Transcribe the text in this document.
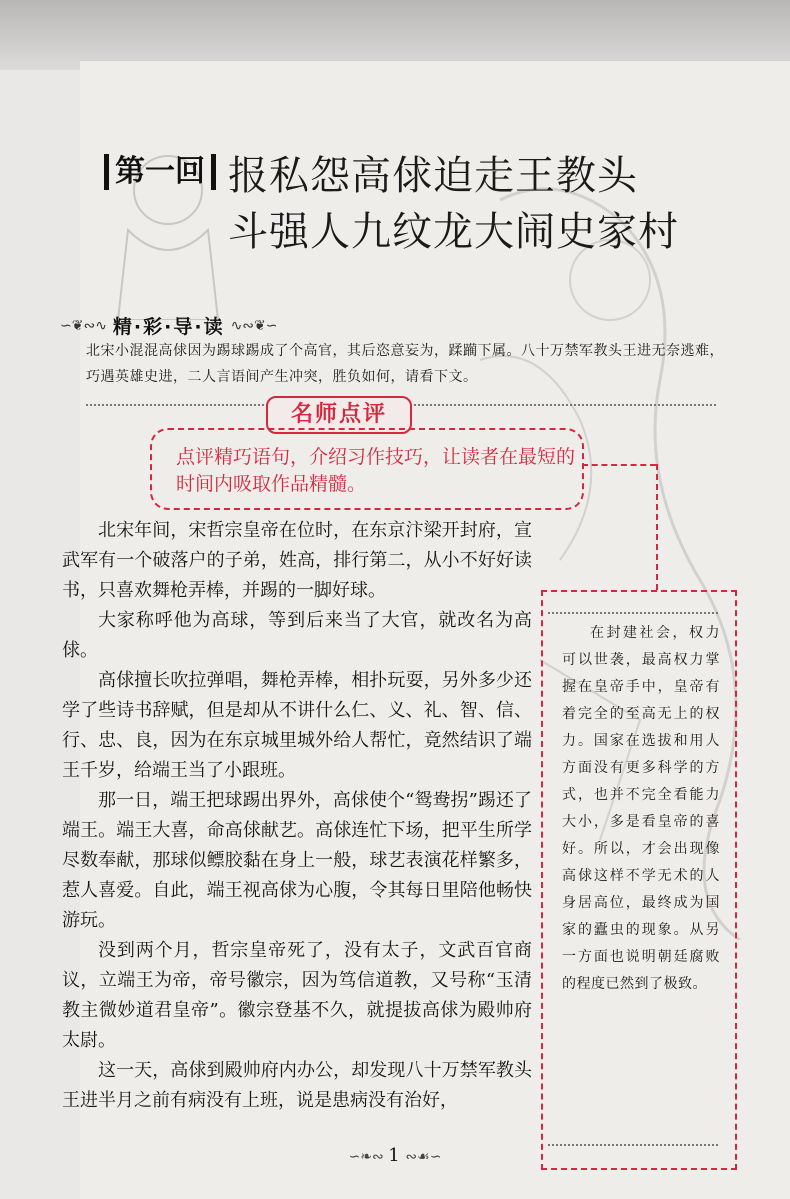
第一回 报私怨高俅迫走王教头
斗强人九纹龙大闹史家村
∽❦∾∿ 精·彩·导·读 ∿∾❦∽
北宋小混混高俅因为踢球踢成了个高官，其后恣意妄为，蹂躏下属。八十万禁军教头王进无奈逃难，巧遇英雄史进，二人言语间产生冲突，胜负如何，请看下文。
名师点评
点评精巧语句，介绍习作技巧，让读者在最短的时间内吸取作品精髓。

北宋年间，宋哲宗皇帝在位时，在东京汴梁开封府，宣武军有一个破落户的子弟，姓高，排行第二，从小不好好读书，只喜欢舞枪弄棒，并踢的一脚好球。

大家称呼他为高球，等到后来当了大官，就改名为高俅。

高俅擅长吹拉弹唱，舞枪弄棒，相扑玩耍，另外多少还学了些诗书辞赋，但是却从不讲什么仁、义、礼、智、信、行、忠、良，因为在东京城里城外给人帮忙，竟然结识了端王千岁，给端王当了小跟班。

那一日，端王把球踢出界外，高俅使个“鸳鸯拐”踢还了端王。端王大喜，命高俅献艺。高俅连忙下场，把平生所学尽数奉献，那球似鳔胶黏在身上一般，球艺表演花样繁多，惹人喜爱。自此，端王视高俅为心腹，令其每日里陪他畅快游玩。

没到两个月，哲宗皇帝死了，没有太子，文武百官商议，立端王为帝，帝号徽宗，因为笃信道教，又号称“玉清教主微妙道君皇帝”。徽宗登基不久，就提拔高俅为殿帅府太尉。

这一天，高俅到殿帅府内办公，却发现八十万禁军教头王进半月之前有病没有上班，说是患病没有治好，

在封建社会，权力可以世袭，最高权力掌握在皇帝手中，皇帝有着完全的至高无上的权力。国家在选拔和用人方面没有更多科学的方式，也并不完全看能力大小，多是看皇帝的喜好。所以，才会出现像高俅这样不学无术的人身居高位，最终成为国家的蠹虫的现象。从另一方面也说明朝廷腐败的程度已然到了极致。
∽❧∾ 1 ∾☙∽
